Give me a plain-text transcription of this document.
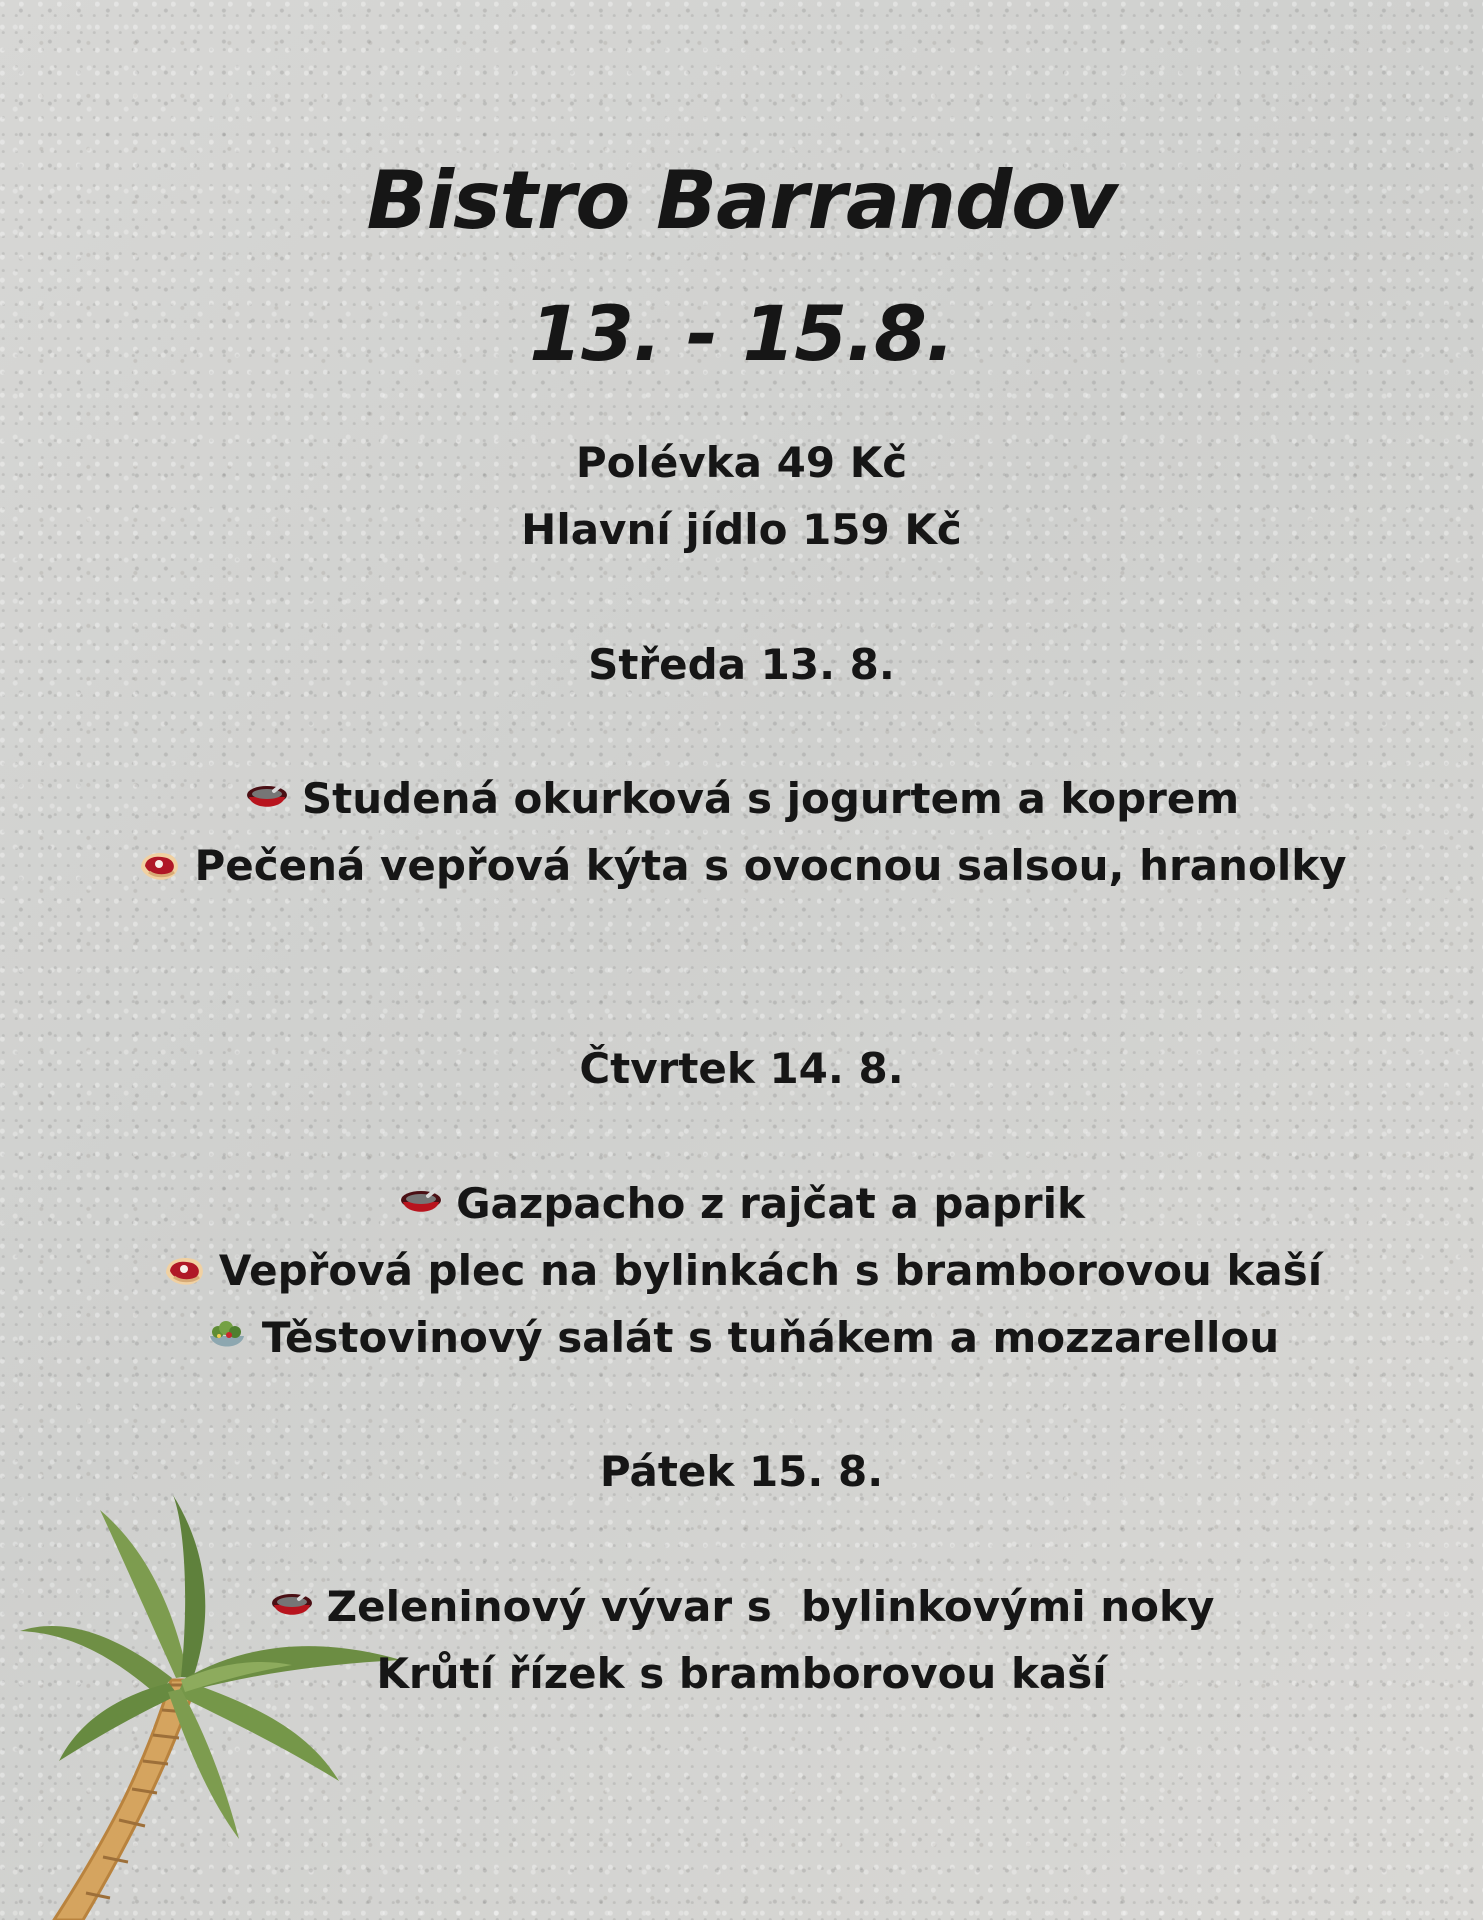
Bistro Barrandov
13. - 15.8.
Polévka 49 Kč
Hlavní jídlo 159 Kč
Středa 13. 8.
Studená okurková s jogurtem a koprem
Pečená vepřová kýta s ovocnou salsou, hranolky
Čtvrtek 14. 8.
Gazpacho z rajčat a paprik
Vepřová plec na bylinkách s bramborovou kaší
Těstovinový salát s tuňákem a mozzarellou
Pátek 15. 8.
Zeleninový vývar s  bylinkovými noky
Krůtí řízek s bramborovou kaší
